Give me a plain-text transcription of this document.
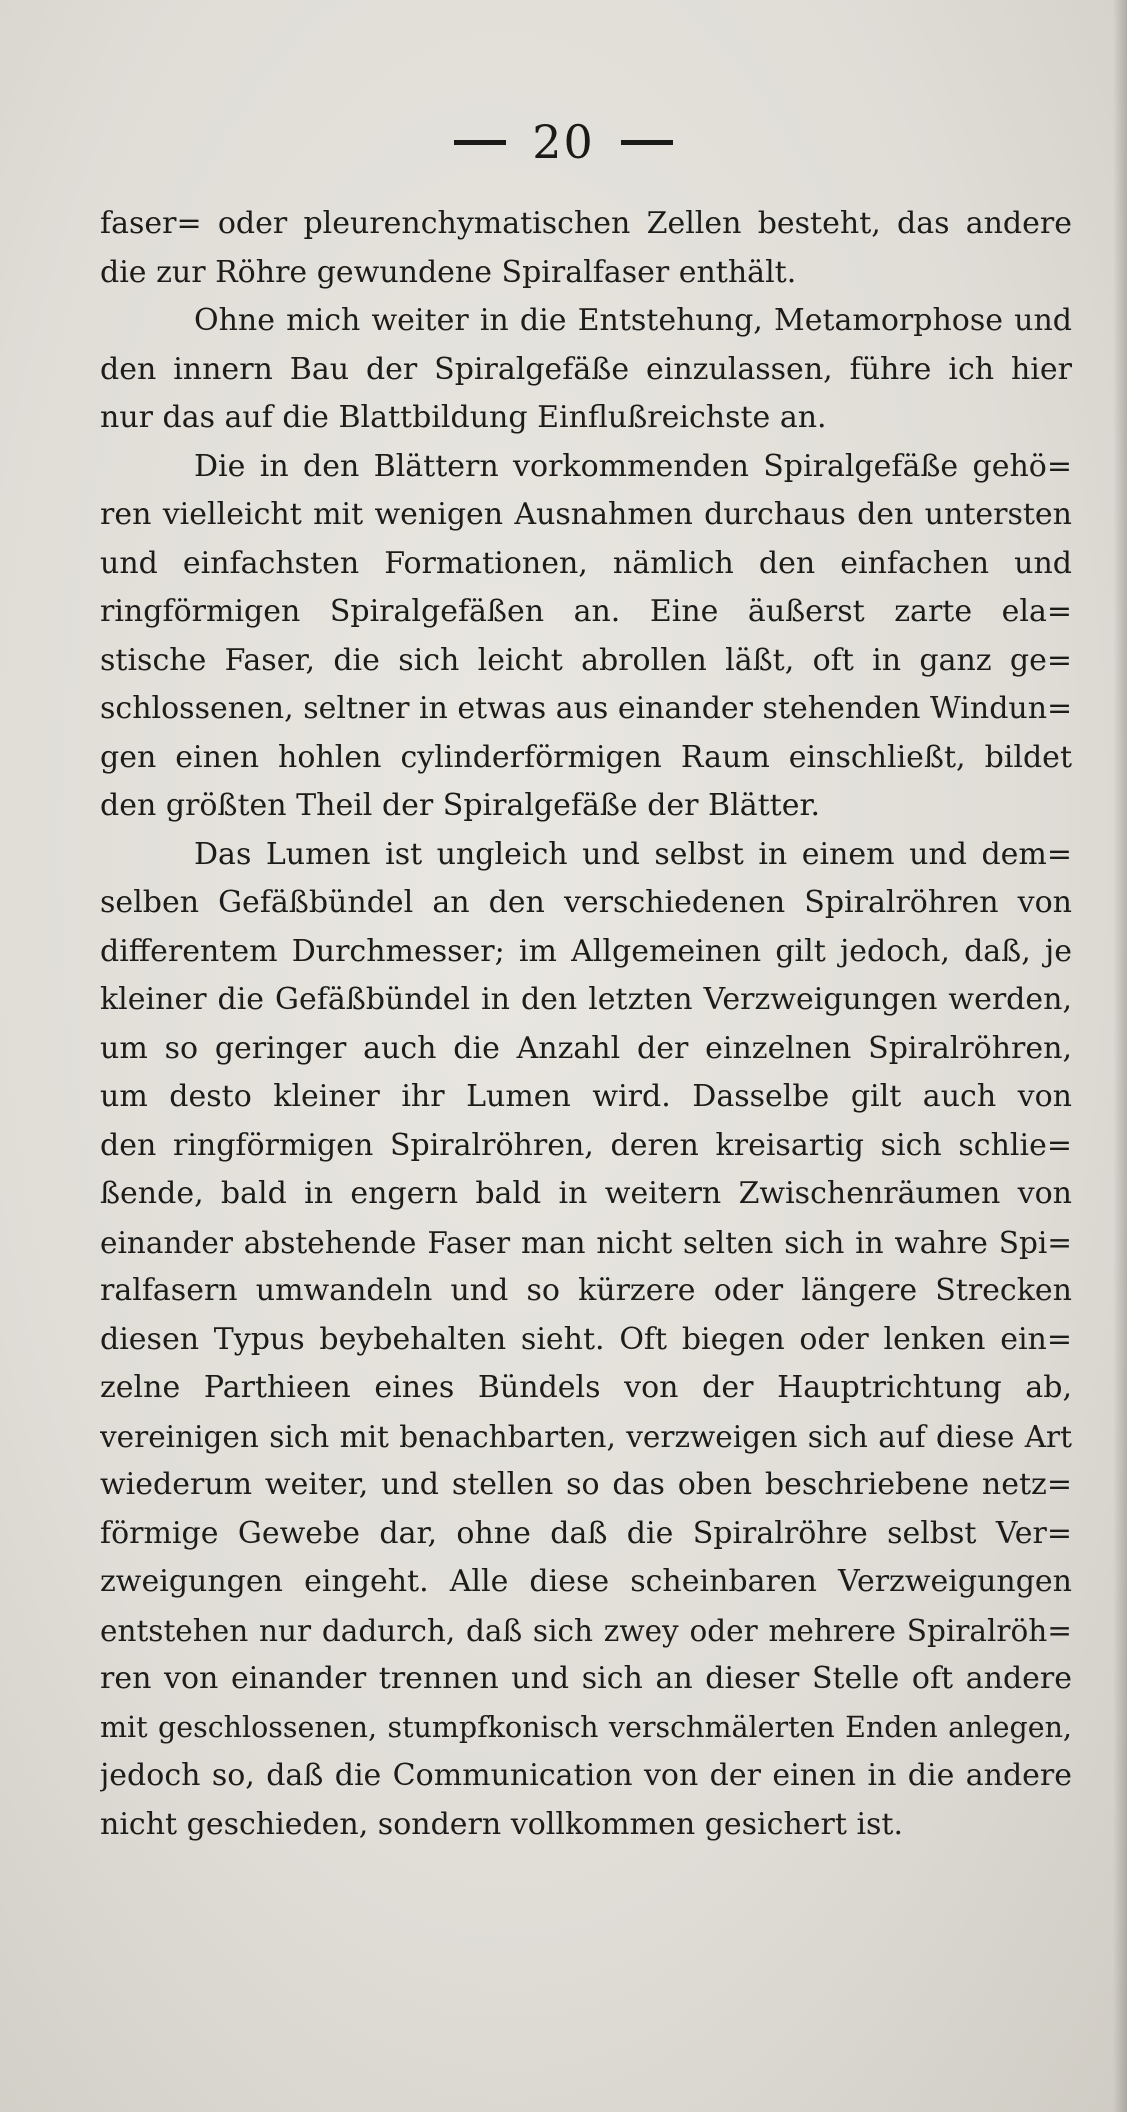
20
faser= oder pleurenchymatischen Zellen besteht, das andere
die zur Röhre gewundene Spiralfaser enthält.
Ohne mich weiter in die Entstehung, Metamorphose und
den innern Bau der Spiralgefäße einzulassen, führe ich hier
nur das auf die Blattbildung Einflußreichste an.
Die in den Blättern vorkommenden Spiralgefäße gehö=
ren vielleicht mit wenigen Ausnahmen durchaus den untersten
und einfachsten Formationen, nämlich den einfachen und
ringförmigen Spiralgefäßen an. Eine äußerst zarte ela=
stische Faser, die sich leicht abrollen läßt, oft in ganz ge=
schlossenen, seltner in etwas aus einander stehenden Windun=
gen einen hohlen cylinderförmigen Raum einschließt, bildet
den größten Theil der Spiralgefäße der Blätter.
Das Lumen ist ungleich und selbst in einem und dem=
selben Gefäßbündel an den verschiedenen Spiralröhren von
differentem Durchmesser; im Allgemeinen gilt jedoch, daß, je
kleiner die Gefäßbündel in den letzten Verzweigungen werden,
um so geringer auch die Anzahl der einzelnen Spiralröhren,
um desto kleiner ihr Lumen wird. Dasselbe gilt auch von
den ringförmigen Spiralröhren, deren kreisartig sich schlie=
ßende, bald in engern bald in weitern Zwischenräumen von
einander abstehende Faser man nicht selten sich in wahre Spi=
ralfasern umwandeln und so kürzere oder längere Strecken
diesen Typus beybehalten sieht. Oft biegen oder lenken ein=
zelne Parthieen eines Bündels von der Hauptrichtung ab,
vereinigen sich mit benachbarten, verzweigen sich auf diese Art
wiederum weiter, und stellen so das oben beschriebene netz=
förmige Gewebe dar, ohne daß die Spiralröhre selbst Ver=
zweigungen eingeht. Alle diese scheinbaren Verzweigungen
entstehen nur dadurch, daß sich zwey oder mehrere Spiralröh=
ren von einander trennen und sich an dieser Stelle oft andere
mit geschlossenen, stumpfkonisch verschmälerten Enden anlegen,
jedoch so, daß die Communication von der einen in die andere
nicht geschieden, sondern vollkommen gesichert ist.
